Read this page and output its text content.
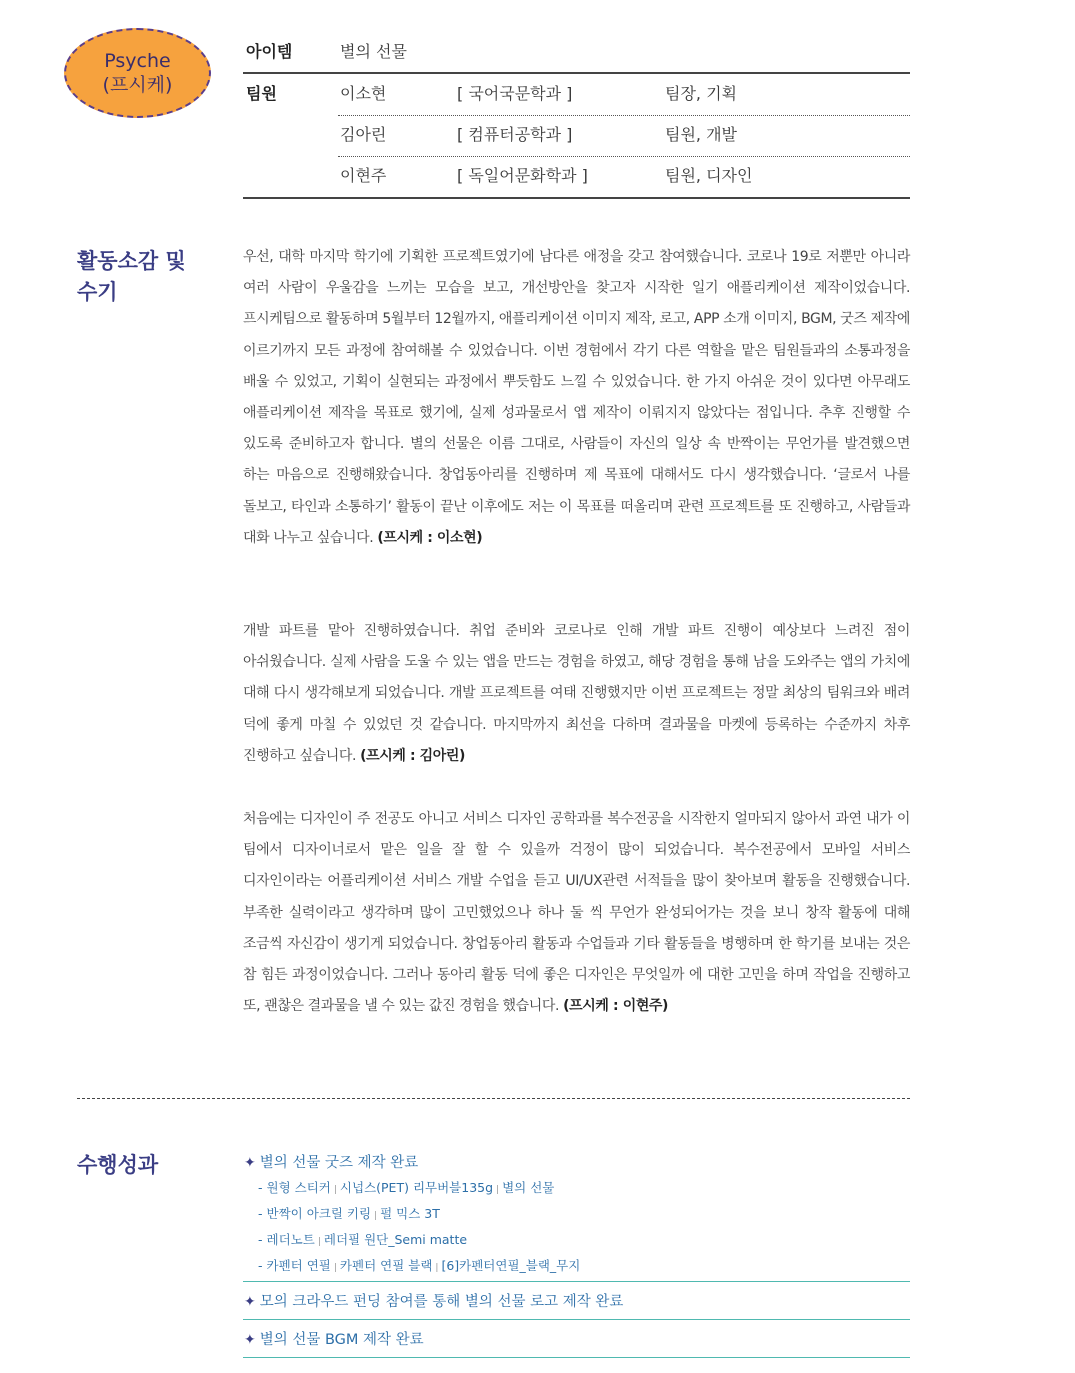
Psyche
(프시케)
아이템	별의 선물
팀원	이소현	[ 국어국문학과 ]	팀장, 기획
김아린	[ 컴퓨터공학과 ]	팀원, 개발
이현주	[ 독일어문화학과 ]	팀원, 디자인
활동소감 및
수기
우선, 대학 마지막 학기에 기획한 프로젝트였기에 남다른 애정을 갖고 참여했습니다. 코로나 19로 저뿐만 아니라 여러 사람이 우울감을 느끼는 모습을 보고, 개선방안을 찾고자 시작한 일기 애플리케이션 제작이었습니다. 프시케팀으로 활동하며 5월부터 12월까지, 애플리케이션 이미지 제작, 로고, APP 소개 이미지, BGM, 굿즈 제작에 이르기까지 모든 과정에 참여해볼 수 있었습니다. 이번 경험에서 각기 다른 역할을 맡은 팀원들과의 소통과정을 배울 수 있었고, 기획이 실현되는 과정에서 뿌듯함도 느낄 수 있었습니다. 한 가지 아쉬운 것이 있다면 아무래도 애플리케이션 제작을 목표로 했기에, 실제 성과물로서 앱 제작이 이뤄지지 않았다는 점입니다. 추후 진행할 수 있도록 준비하고자 합니다. 별의 선물은 이름 그대로, 사람들이 자신의 일상 속 반짝이는 무언가를 발견했으면 하는 마음으로 진행해왔습니다. 창업동아리를 진행하며 제 목표에 대해서도 다시 생각했습니다. ‘글로서 나를 돌보고, 타인과 소통하기’ 활동이 끝난 이후에도 저는 이 목표를 떠올리며 관련 프로젝트를 또 진행하고, 사람들과 대화 나누고 싶습니다. (프시케 : 이소현)
개발 파트를 맡아 진행하였습니다. 취업 준비와 코로나로 인해 개발 파트 진행이 예상보다 느려진 점이 아쉬웠습니다. 실제 사람을 도울 수 있는 앱을 만드는 경험을 하였고, 해당 경험을 통해 남을 도와주는 앱의 가치에 대해 다시 생각해보게 되었습니다. 개발 프로젝트를 여태 진행했지만 이번 프로젝트는 정말 최상의 팀워크와 배려 덕에 좋게 마칠 수 있었던 것 같습니다. 마지막까지 최선을 다하며 결과물을 마켓에 등록하는 수준까지 차후 진행하고 싶습니다. (프시케 : 김아린)
처음에는 디자인이 주 전공도 아니고 서비스 디자인 공학과를 복수전공을 시작한지 얼마되지 않아서 과연 내가 이 팀에서 디자이너로서 맡은 일을 잘 할 수 있을까 걱정이 많이 되었습니다. 복수전공에서 모바일 서비스 디자인이라는 어플리케이션 서비스 개발 수업을 듣고 UI/UX관련 서적들을 많이 찾아보며 활동을 진행했습니다. 부족한 실력이라고 생각하며 많이 고민했었으나 하나 둘 씩 무언가 완성되어가는 것을 보니 창작 활동에 대해 조금씩 자신감이 생기게 되었습니다. 창업동아리 활동과 수업들과 기타 활동들을 병행하며 한 학기를 보내는 것은 참 힘든 과정이었습니다. 그러나 동아리 활동 덕에 좋은 디자인은 무엇일까 에 대한 고민을 하며 작업을 진행하고 또, 괜찮은 결과물을 낼 수 있는 값진 경험을 했습니다. (프시케 : 이현주)
수행성과	✦ 별의 선물 굿즈 제작 완료
- 원형 스티커 | 시넙스(PET) 리무버블135g | 별의 선물
- 반짝이 아크릴 키링 | 펄 믹스 3T
- 레더노트 | 레더필 원단_Semi matte
- 카펜터 연필 | 카펜터 연필 블랙 | [6]카펜터연필_블랙_무지
✦ 모의 크라우드 펀딩 참여를 통해 별의 선물 로고 제작 완료
✦ 별의 선물 BGM 제작 완료
